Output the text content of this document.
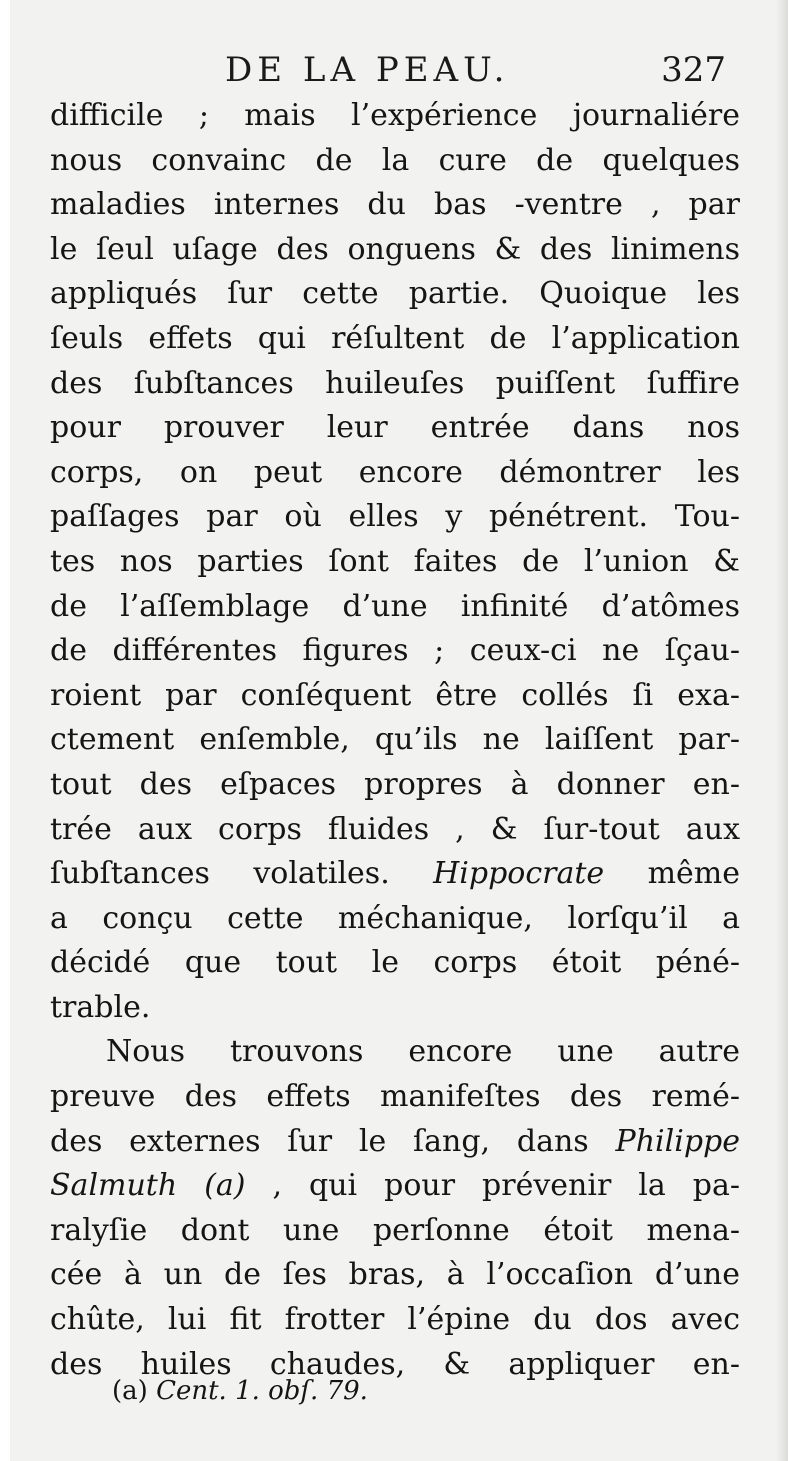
DE LA PEAU.	327
difficile ; mais l’expérience journaliére
nous convainc de la cure de quelques
maladies internes du bas -ventre , par
le ſeul uſage des onguens & des linimens
appliqués ſur cette partie. Quoique les
ſeuls effets qui réſultent de l’application
des ſubſtances huileuſes puiſſent ſuffire
pour prouver leur entrée dans nos
corps, on peut encore démontrer les
paſſages par où elles y pénétrent. Tou-
tes nos parties ſont faites de l’union &
de l’aſſemblage d’une infinité d’atômes
de différentes figures ; ceux-ci ne ſçau-
roient par conſéquent être collés ſi exa-
ctement enſemble, qu’ils ne laiſſent par-
tout des eſpaces propres à donner en-
trée aux corps fluides , & ſur-tout aux
ſubſtances volatiles. Hippocrate même
a conçu cette méchanique, lorſqu’il a
décidé que tout le corps étoit péné-
trable.
Nous trouvons encore une autre
preuve des effets manifeſtes des remé-
des externes ſur le ſang, dans Philippe
Salmuth (a) , qui pour prévenir la pa-
ralyſie dont une perſonne étoit mena-
cée à un de ſes bras, à l’occaſion d’une
chûte, lui fit frotter l’épine du dos avec
des huiles chaudes, & appliquer en-
(a) Cent. 1. obſ. 79.
